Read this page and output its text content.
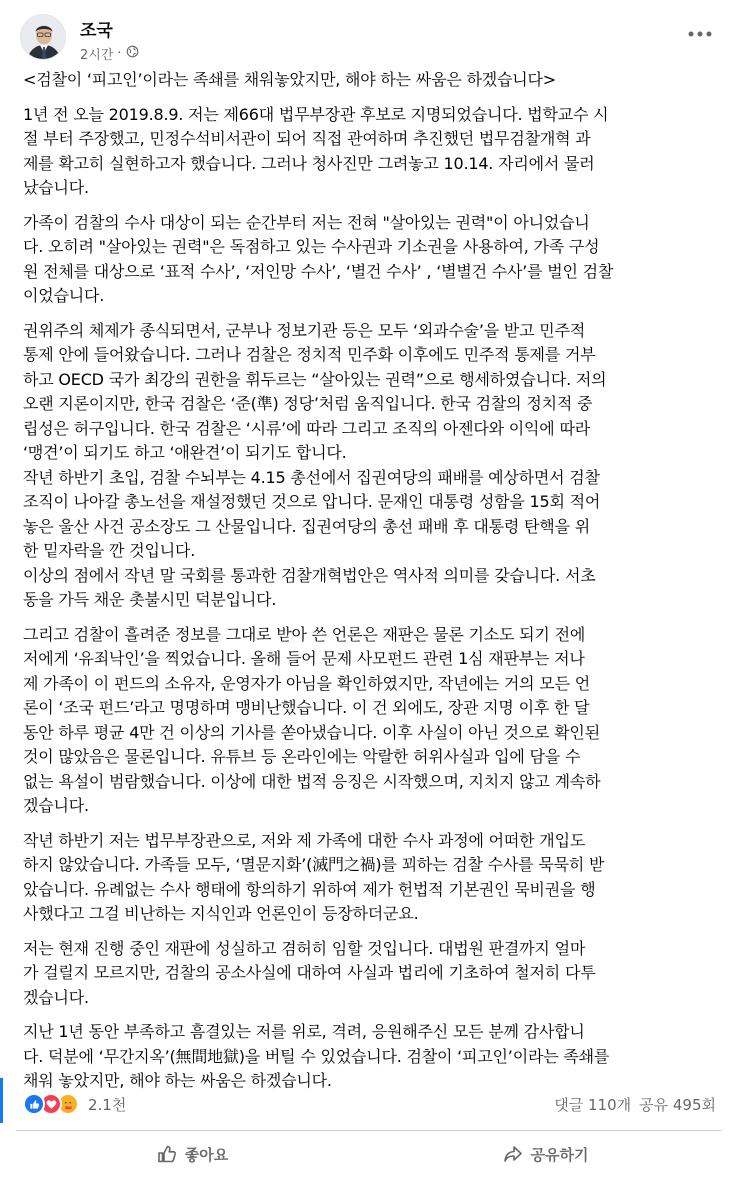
조국
2시간 ·

<검찰이 ‘피고인’이라는 족쇄를 채워놓았지만, 해야 하는 싸움은 하겠습니다>

1년 전 오늘 2019.8.9. 저는 제66대 법무부장관 후보로 지명되었습니다. 법학교수 시
절 부터 주장했고, 민정수석비서관이 되어 직접 관여하며 추진했던 법무검찰개혁 과
제를 확고히 실현하고자 했습니다. 그러나 청사진만 그려놓고 10.14. 자리에서 물러
났습니다.

가족이 검찰의 수사 대상이 되는 순간부터 저는 전혀 "살아있는 권력"이 아니었습니
다. 오히려 "살아있는 권력"은 독점하고 있는 수사권과 기소권을 사용하여, 가족 구성
원 전체를 대상으로 ‘표적 수사’, ‘저인망 수사’, ‘별건 수사’ , ‘별별건 수사’를 벌인 검찰
이었습니다.

권위주의 체제가 종식되면서, 군부나 정보기관 등은 모두 ‘외과수술’을 받고 민주적
통제 안에 들어왔습니다. 그러나 검찰은 정치적 민주화 이후에도 민주적 통제를 거부
하고 OECD 국가 최강의 권한을 휘두르는 “살아있는 권력”으로 행세하였습니다. 저의
오랜 지론이지만, 한국 검찰은 ‘준(準) 정당’처럼 움직입니다. 한국 검찰의 정치적 중
립성은 허구입니다. 한국 검찰은 ‘시류’에 따라 그리고 조직의 아젠다와 이익에 따라
‘맹견’이 되기도 하고 ‘애완견’이 되기도 합니다.
작년 하반기 초입, 검찰 수뇌부는 4.15 총선에서 집권여당의 패배를 예상하면서 검찰
조직이 나아갈 총노선을 재설정했던 것으로 압니다. 문재인 대통령 성함을 15회 적어
놓은 울산 사건 공소장도 그 산물입니다. 집권여당의 총선 패배 후 대통령 탄핵을 위
한 밑자락을 깐 것입니다.
이상의 점에서 작년 말 국회를 통과한 검찰개혁법안은 역사적 의미를 갖습니다. 서초
동을 가득 채운 촛불시민 덕분입니다.

그리고 검찰이 흘려준 정보를 그대로 받아 쓴 언론은 재판은 물론 기소도 되기 전에
저에게 ‘유죄낙인’을 찍었습니다. 올해 들어 문제 사모펀드 관련 1심 재판부는 저나
제 가족이 이 펀드의 소유자, 운영자가 아님을 확인하였지만, 작년에는 거의 모든 언
론이 ‘조국 펀드’라고 명명하며 맹비난했습니다. 이 건 외에도, 장관 지명 이후 한 달
동안 하루 평균 4만 건 이상의 기사를 쏟아냈습니다. 이후 사실이 아닌 것으로 확인된
것이 많았음은 물론입니다. 유튜브 등 온라인에는 악랄한 허위사실과 입에 담을 수
없는 욕설이 범람했습니다. 이상에 대한 법적 응징은 시작했으며, 지치지 않고 계속하
겠습니다.

작년 하반기 저는 법무부장관으로, 저와 제 가족에 대한 수사 과정에 어떠한 개입도
하지 않았습니다. 가족들 모두, ‘멸문지화’(滅門之禍)를 꾀하는 검찰 수사를 묵묵히 받
았습니다. 유례없는 수사 행태에 항의하기 위하여 제가 헌법적 기본권인 묵비권을 행
사했다고 그걸 비난하는 지식인과 언론인이 등장하더군요.

저는 현재 진행 중인 재판에 성실하고 겸허히 임할 것입니다. 대법원 판결까지 얼마
가 걸릴지 모르지만, 검찰의 공소사실에 대하여 사실과 법리에 기초하여 철저히 다투
겠습니다.

지난 1년 동안 부족하고 흠결있는 저를 위로, 격려, 응원해주신 모든 분께 감사합니
다. 덕분에 ‘무간지옥’(無間地獄)을 버틸 수 있었습니다. 검찰이 ‘피고인’이라는 족쇄를
채워 놓았지만, 해야 하는 싸움은 하겠습니다.

2.1천	댓글 110개 공유 495회
좋아요	공유하기
